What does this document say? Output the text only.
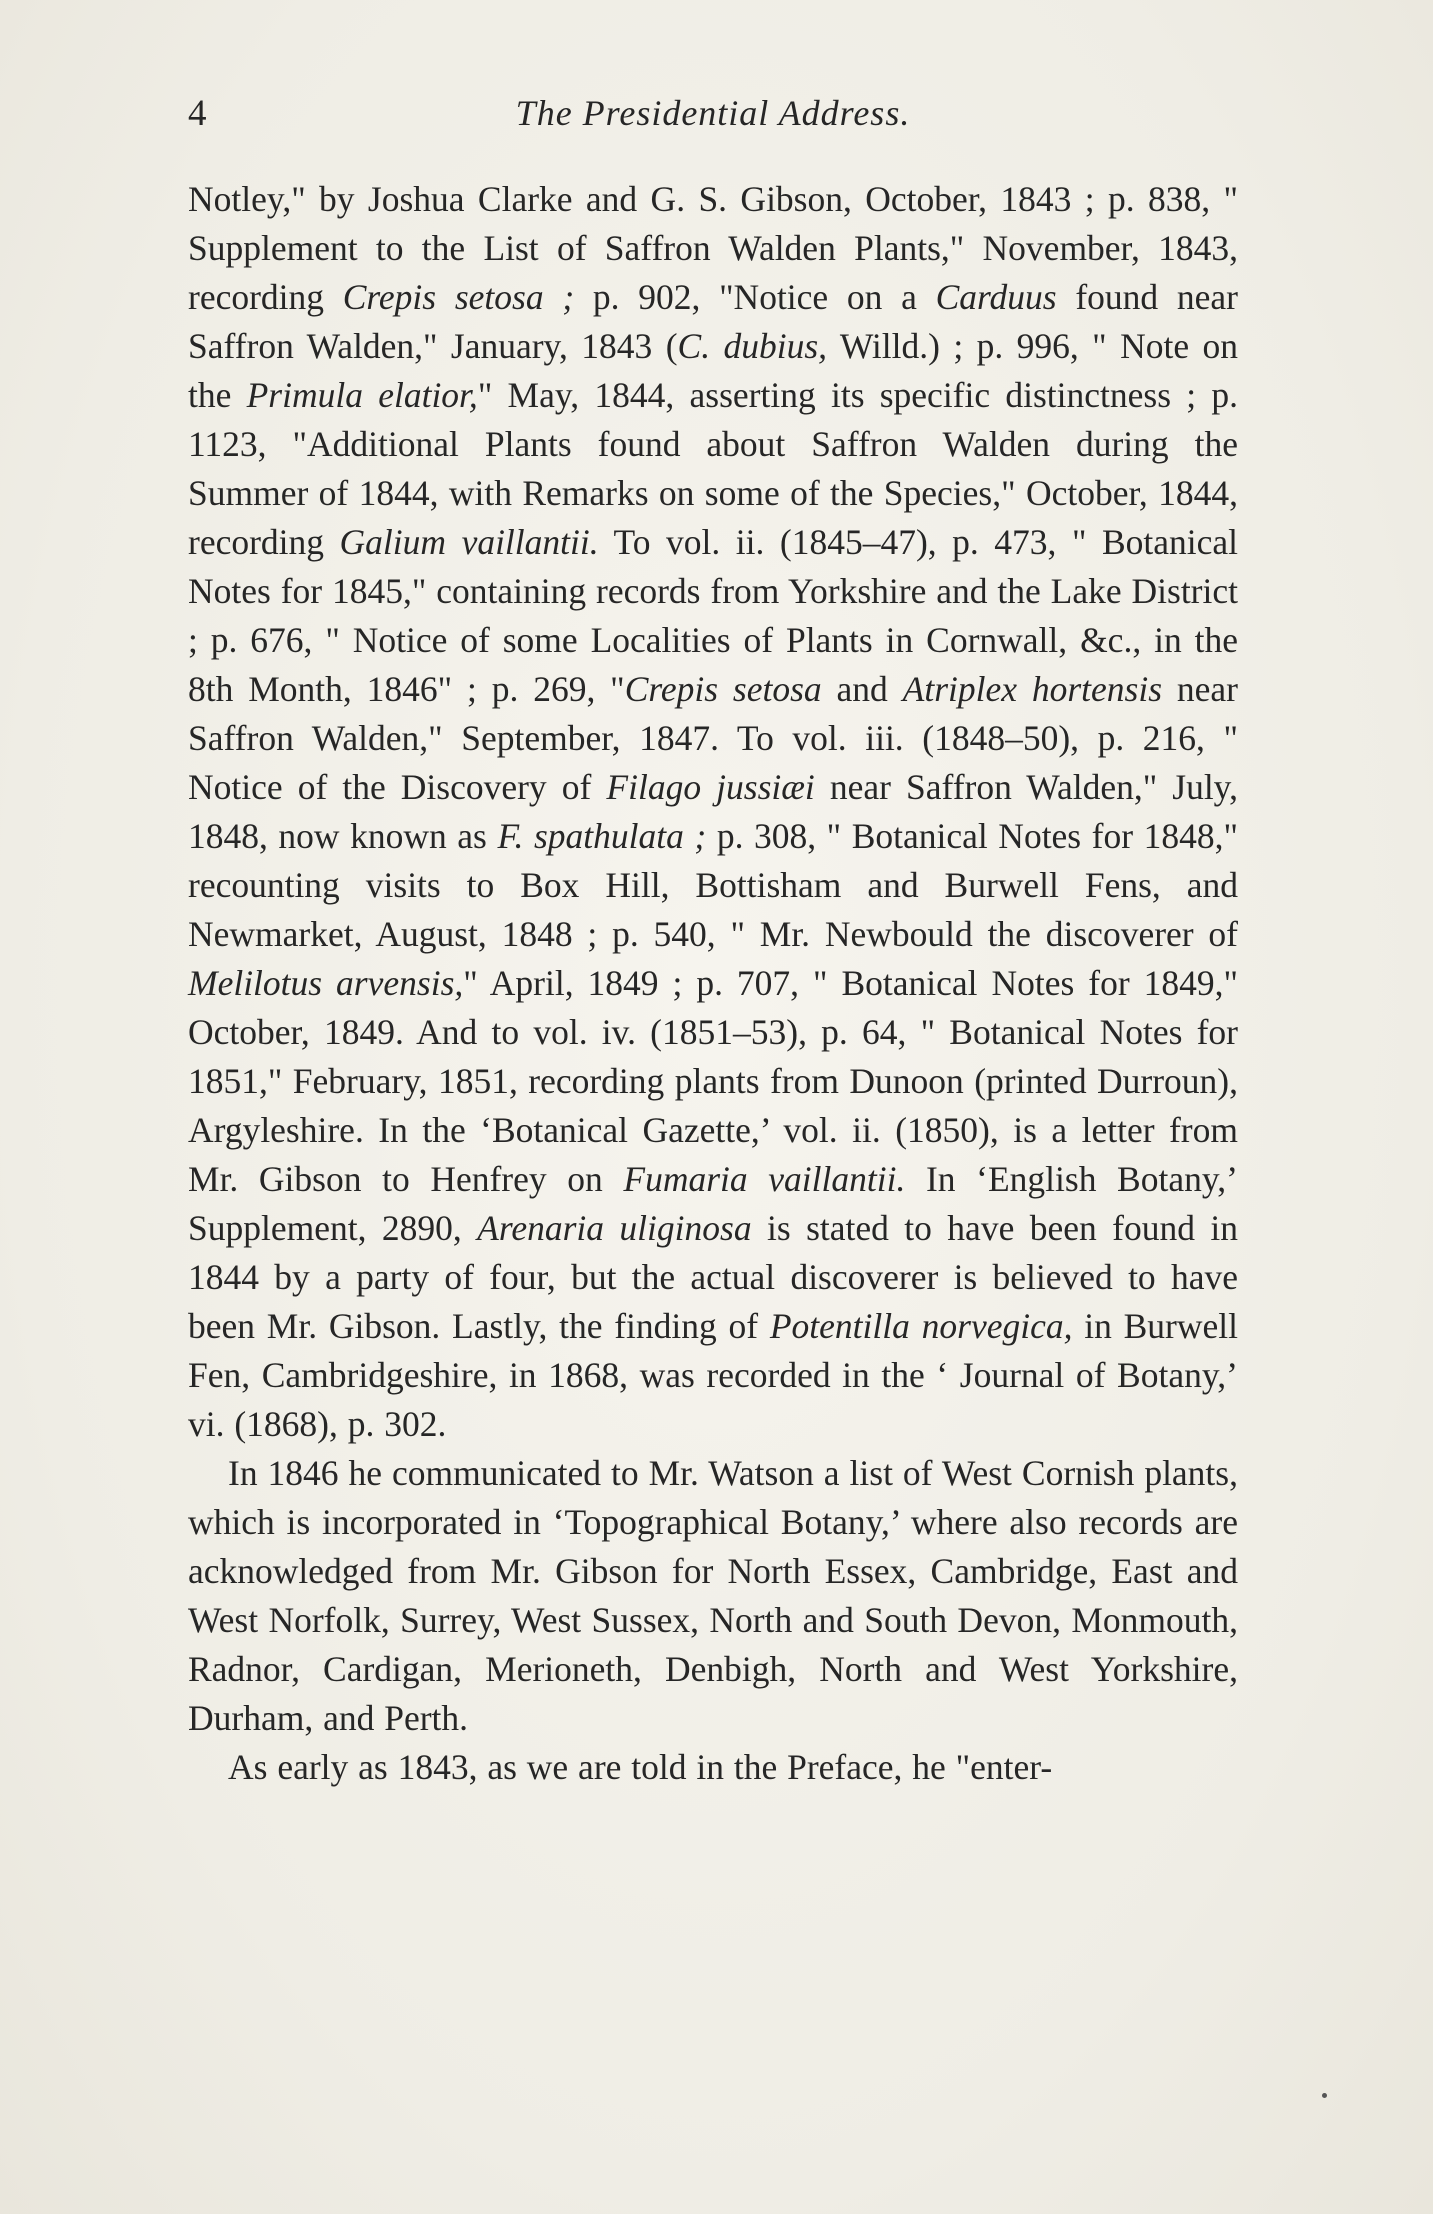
4	The Presidential Address.

Notley," by Joshua Clarke and G. S. Gibson, October, 1843 ; p. 838, " Supplement to the List of Saffron Walden Plants," November, 1843, recording Crepis setosa ; p. 902, "Notice on a Carduus found near Saffron Walden," January, 1843 (C. dubius, Willd.) ; p. 996, " Note on the Primula elatior," May, 1844, asserting its specific distinctness ; p. 1123, "Additional Plants found about Saffron Walden during the Summer of 1844, with Remarks on some of the Species," October, 1844, recording Galium vaillantii. To vol. ii. (1845–47), p. 473, " Botanical Notes for 1845," containing records from Yorkshire and the Lake District ; p. 676, " Notice of some Localities of Plants in Cornwall, &c., in the 8th Month, 1846" ; p. 269, "Crepis setosa and Atriplex hortensis near Saffron Walden," September, 1847. To vol. iii. (1848–50), p. 216, " Notice of the Discovery of Filago jussiæi near Saffron Walden," July, 1848, now known as F. spathulata ; p. 308, " Botanical Notes for 1848," recounting visits to Box Hill, Bottisham and Burwell Fens, and Newmarket, August, 1848 ; p. 540, " Mr. Newbould the discoverer of Melilotus arvensis," April, 1849 ; p. 707, " Botanical Notes for 1849," October, 1849. And to vol. iv. (1851–53), p. 64, " Botanical Notes for 1851," February, 1851, recording plants from Dunoon (printed Durroun), Argyleshire. In the ‘Botanical Gazette,’ vol. ii. (1850), is a letter from Mr. Gibson to Henfrey on Fumaria vaillantii. In ‘English Botany,’ Supplement, 2890, Arenaria uliginosa is stated to have been found in 1844 by a party of four, but the actual discoverer is believed to have been Mr. Gibson. Lastly, the finding of Potentilla norvegica, in Burwell Fen, Cambridgeshire, in 1868, was recorded in the ‘ Journal of Botany,’ vi. (1868), p. 302.

In 1846 he communicated to Mr. Watson a list of West Cornish plants, which is incorporated in ‘Topographical Botany,’ where also records are acknowledged from Mr. Gibson for North Essex, Cambridge, East and West Norfolk, Surrey, West Sussex, North and South Devon, Monmouth, Radnor, Cardigan, Merioneth, Denbigh, North and West Yorkshire, Durham, and Perth.

As early as 1843, as we are told in the Preface, he "enter-
